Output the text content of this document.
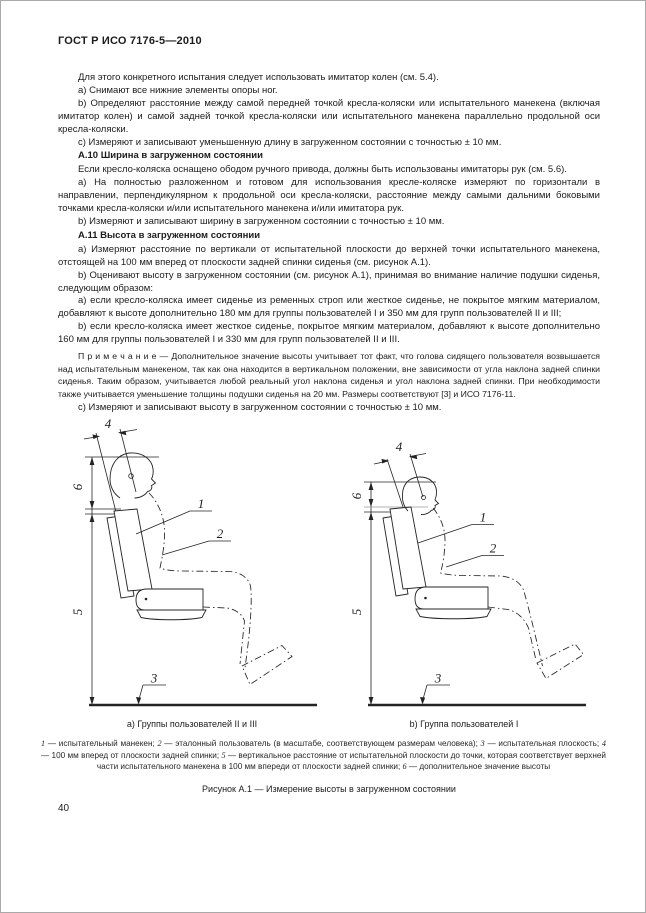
ГОСТ Р ИСО 7176-5—2010

Для этого конкретного испытания следует использовать имитатор колен (см. 5.4).

a) Снимают все нижние элементы опоры ног.

b) Определяют расстояние между самой передней точкой кресла-коляски или испытательного манекена (включая имитатор колен) и самой задней точкой кресла-коляски или испытательного манекена параллельно продольной оси кресла-коляски.

c) Измеряют и записывают уменьшенную длину в загруженном состоянии с точностью ± 10 мм.

А.10 Ширина в загруженном состоянии

Если кресло-коляска оснащено ободом ручного привода, должны быть использованы имитаторы рук (см. 5.6).

a) На полностью разложенном и готовом для использования кресле-коляске измеряют по горизонтали в направлении, перпендикулярном к продольной оси кресла-коляски, расстояние между самыми дальними боковыми точками кресла-коляски и/или испытательного манекена и/или имитатора рук.

b) Измеряют и записывают ширину в загруженном состоянии с точностью ± 10 мм.

А.11 Высота в загруженном состоянии

a) Измеряют расстояние по вертикали от испытательной плоскости до верхней точки испытательного манекена, отстоящей на 100 мм вперед от плоскости задней спинки сиденья (см. рисунок А.1).

b) Оценивают высоту в загруженном состоянии (см. рисунок А.1), принимая во внимание наличие подушки сиденья, следующим образом:

a) если кресло-коляска имеет сиденье из ременных строп или жесткое сиденье, не покрытое мягким материалом, добавляют к высоте дополнительно 180 мм для группы пользователей I и 350 мм для групп пользователей II и III;

b) если кресло-коляска имеет жесткое сиденье, покрытое мягким материалом, добавляют к высоте дополнительно 160 мм для группы пользователей I и 330 мм для групп пользователей II и III.

П р и м е ч а н и е — Дополнительное значение высоты учитывает тот факт, что голова сидящего пользователя возвышается над испытательным манекеном, так как она находится в вертикальном положении, вне зависимости от угла наклона задней спинки сиденья. Таким образом, учитывается любой реальный угол наклона сиденья и угол наклона задней спинки. При необходимости также учитывается уменьшение толщины подушки сиденья на 20 мм. Размеры соответствуют [3] и ИСО 7176-11.

c) Измеряют и записывают высоту в загруженном состоянии с точностью ± 10 мм.

4
6
5
1
2
3
a) Группы пользователей II и III
4
6
5
1
2
3
b) Группа пользователей I
1 — испытательный манекен; 2 — эталонный пользователь (в масштабе, соответствующем размерам человека); 3 — испытательная плоскость; 4 — 100 мм вперед от плоскости задней спинки; 5 — вертикальное расстояние от испытательной плоскости до точки, которая соответствует верхней части испытательного манекена в 100 мм впереди от плоскости задней спинки; 6 — дополнительное значение высоты
Рисунок А.1 — Измерение высоты в загруженном состоянии
40
